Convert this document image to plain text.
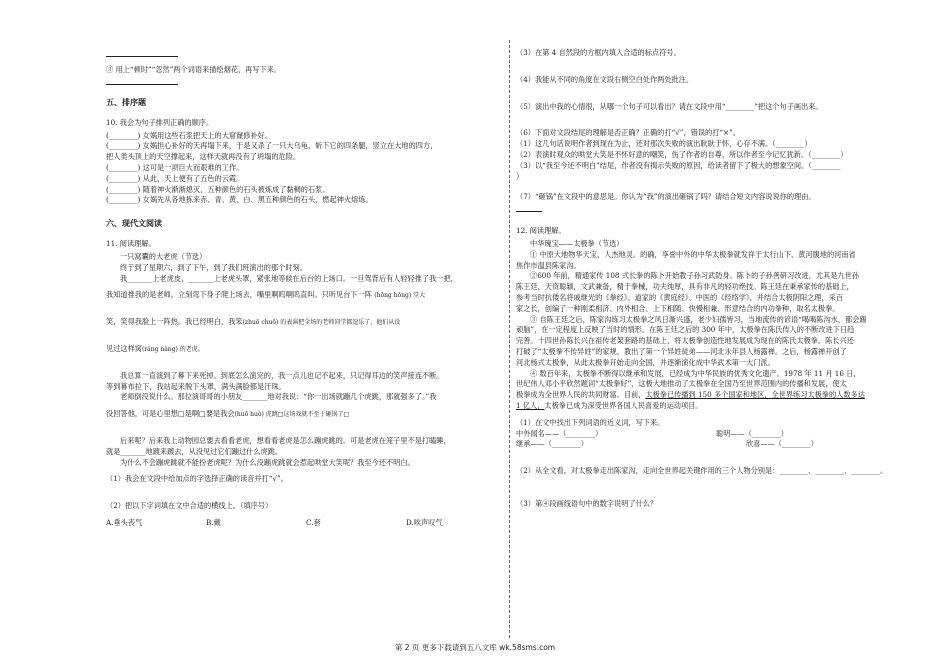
③ 用上“顿时”“忽然”两个词语来描绘烟花，再写下来。

五、排序题

10. 我会为句子排列正确的顺序。

(________) 女娲用这些石浆把天上的大窟窿修补好。

(________) 女娲担心补好的天再塌下来，于是又杀了一只大乌龟，斩下它的四条腿，竖立在大地的四方，

把人类头顶上的天空撑起来，这样天就再没有了坍塌的危险。

(________) 这可是一项巨大而艰难的工作。

(________) 从此，天上便有了五色的云霞。

(________) 随着神火渐渐熄灭，五种颜色的石头被炼成了黏稠的石浆。

(________) 女娲先从各地拣来赤、青、黄、白、黑五种颜色的石头，燃起神火熔炼。

六、现代文阅读

11. 阅读理解。

一只窝囊的大老虎（节选）

终于到了星期六，到了下午，到了我们班演出的那个时刻。

我_______上老虎皮，_______上老虎头罩，紧张地等候在后台的上场口。一旦驾背后有人轻轻推了我一把，

我知道推我的是老师。立刻弯下身子爬上场去，嘴里啊呜啊呜直叫。只听见台下一阵 (hōng hōng) 堂大

笑，笑得我脸上一阵热。我已经明白，我笨(zhuō chuō) 的表演把全场的老师同学都逗乐了，他们从没

见过这样窝(ráng nàng) 的老虎。

我总算一直演到了幕下来死掉。到底怎么演完的，我一点儿也记不起来，只记得耳边的笑声接连不断。

等到幕布拉下，我站起来脱下头罩，满头满脸都是汗珠。

老师倒没说什么。那位演哥哥的小朋友_______地对我说：“你一出场就蹦几个虎跳，那就强多了。”我

没回答他，可是心里想□是啊□要是我会(huō huò) 虎跳□这场戏就不至于砸锅了□

后来呢？后来我上动物园总要去看看老虎，想看看老虎是怎么蹦虎跳的。可是老虎在笼子里不是打瞌睡，

就是_______地踱来踱去，从没见过它们蹦过什么虎跳。

为什么不会蹦虎跳就不能扮老虎呢？为什么没蹦虎跳就会惹起哄堂大笑呢？我至今还不明白。

（1）我会在文段中给加点的字选择正确的读音并打“√”。

（2）把以下字词填在文中合适的横线上。（填序号）

A.垂头丧气	B.戴	C.套	D.唉声叹气

（3）在第 4 自然段的方框内填入合适的标点符号。

（4）我能从不同的角度在文段右侧空白处作两处批注。

（5）演出中我的心情很，从哪一个句子可以看出？请在文段中用“________”把这个句子画出来。

（6）下面对文段结尾的理解是否正确？正确的打“√”，错误的打“×”。

（1）这几句话说明作者到现在为止，还对那次失败的演出耿耿于怀，心存不满。（________）

（2）表演时观众的哄堂大笑是不怀好意的嘲笑，伤了作者的自尊，所以作者至今记忆犹新。（________）

（3）以“我至今还不明白”结尾，作者没有揭示失败的原因，给读者留下了极大的想象空间。（________

）

（7）“砸锅”在文段中的意思是。你认为“我”的演出砸锅了吗？请结合短文内容说说你的理由。

12. 阅读理解。

中华瑰宝——太极拳（节选）

① 中原大地物华天宝，人杰地灵。的确，享誉中外的中华太极拳就发祥于太行山下、黄河腹地的河南省

焦作市温县陈家沟。

②600 年前，精通家传 108 式长拳的陈卜开始教子孙习武防身。陈卜的子孙善研习改进，尤其是九世孙

陈王廷，天资聪颖，文武兼备，精于拳械，功夫纯厚，具有非凡的轻功绝技。陈王廷在秉承家传的基础上，

参考当时抗倭名将戚继光的《拳经》、道家的《黄庭经》、中医的《经络学》，并结合太极阴阳之理，采百

家之长，创编了一种刚柔相济、内外相合、上下相随、快慢相兼、形意结合的内功拳种，取名太极拳。

③ 自陈王廷之后，陈家沟练习太极拳之风日渐兴盛，老少妇孺皆习，当地流传的谚语“喝喝陈沟水，都会踢

顽脑”，在一定程度上反映了当时的情形。在陈王廷之后的 300 年中，太极拳在陈氏传人的不断改进下日趋

完善。十四世孙陈长兴在祖传老架套路的基础上，将太极拳创造性地发展成为现在的陈氏太极拳。陈长兴还

打破了“太极拳不传异姓”的家规，教出了第一个异姓徒弟——河北永年县人杨露禅。之后，杨露禅开创了

河北杨式太极拳，从此太极拳开始走向全国，并逐渐演化成中华武术第一大门派。

④ 数百年来，太极拳不断得以继承和发展，已经成为中华民族的优秀文化遗产。1978 年 11 月 16 日，

世纪伟人邓小平欣然题词“太极拳好”，这极大地推动了太极拳在全国乃至世界范围内的传播和发展，使太

极拳成为全世界人民的共同财富。目前，太极拳已传播到 150 多个国家和地区，全世界练习太极拳的人数多达

1 亿人，太极拳已成为深受世界各国人民喜爱的运动项目。

（1）在文中找出下列词语的近义词，写下来。

中外闻名——（________）	聪明——（________）

继承——（________）	欣喜——（________）

（2）从全文看，对太极拳走出陈家沟，走向全世界起关键作用的三个人物分别是：________、________、________。

（3）第④段画线语句中的数字说明了什么？

第 2 页 更多下载请到五八文库 wk.58sms.com
